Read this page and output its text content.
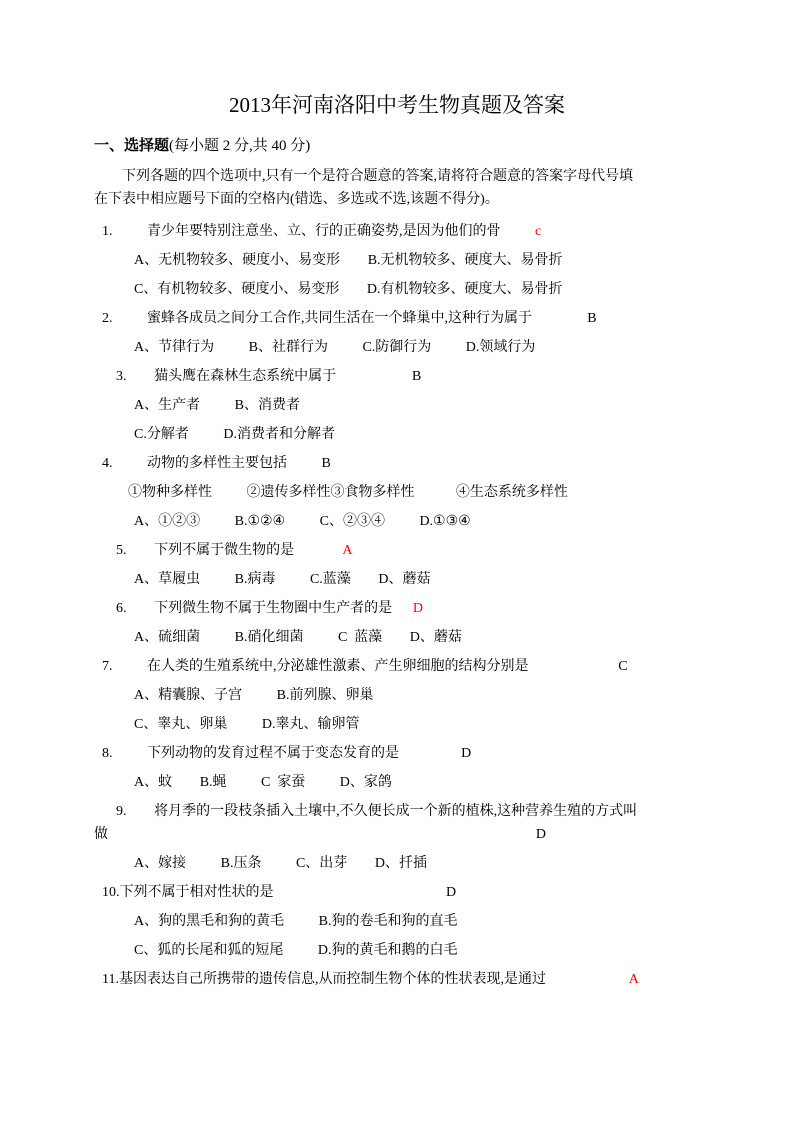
2013年河南洛阳中考生物真题及答案
一、选择题(每小题 2 分,共 40 分)
下列各题的四个选项中,只有一个是符合题意的答案,请将符合题意的答案字母代号填
在下表中相应题号下面的空格内(错选、多选或不选,该题不得分)。
1.     青少年要特别注意坐、立、行的正确姿势,是因为他们的骨     c
A、无机物较多、硬度小、易变形    B.无机物较多、硬度大、易骨折
C、有机物较多、硬度小、易变形    D.有机物较多、硬度大、易骨折
2.     蜜蜂各成员之间分工合作,共同生活在一个蜂巢中,这种行为属于        B
A、节律行为     B、社群行为     C.防御行为     D.领域行为
　3.    猫头鹰在森林生态系统中属于           B
A、生产者     B、消费者
C.分解者     D.消费者和分解者
4.     动物的多样性主要包括     B
①物种多样性     ②遗传多样性③食物多样性      ④生态系统多样性
A、①②③     B.①②④     C、②③④     D.①③④
　5.    下列不属于微生物的是       A
A、草履虫     B.病毒     C.蓝藻    D、蘑菇
　6.    下列微生物不属于生物圈中生产者的是   D
A、硫细菌     B.硝化细菌     C 蓝藻    D、蘑菇
7.     在人类的生殖系统中,分泌雄性激素、产生卵细胞的结构分别是             C
A、精囊腺、子宫     B.前列腺、卵巢
C、睾丸、卵巢     D.睾丸、输卵管
8.     下列动物的发育过程不属于变态发育的是         D
A、蚊    B.蝇     C 家蚕     D、家鸽
　9.    将月季的一段枝条插入土壤中,不久便长成一个新的植株,这种营养生殖的方式叫
做                                                              D
A、嫁接     B.压条     C、出芽    D、扦插
10.下列不属于相对性状的是                         D
A、狗的黑毛和狗的黄毛     B.狗的卷毛和狗的直毛
C、狐的长尾和狐的短尾     D.狗的黄毛和鹅的白毛
11.基因表达自己所携带的遗传信息,从而控制生物个体的性状表现,是通过            A
